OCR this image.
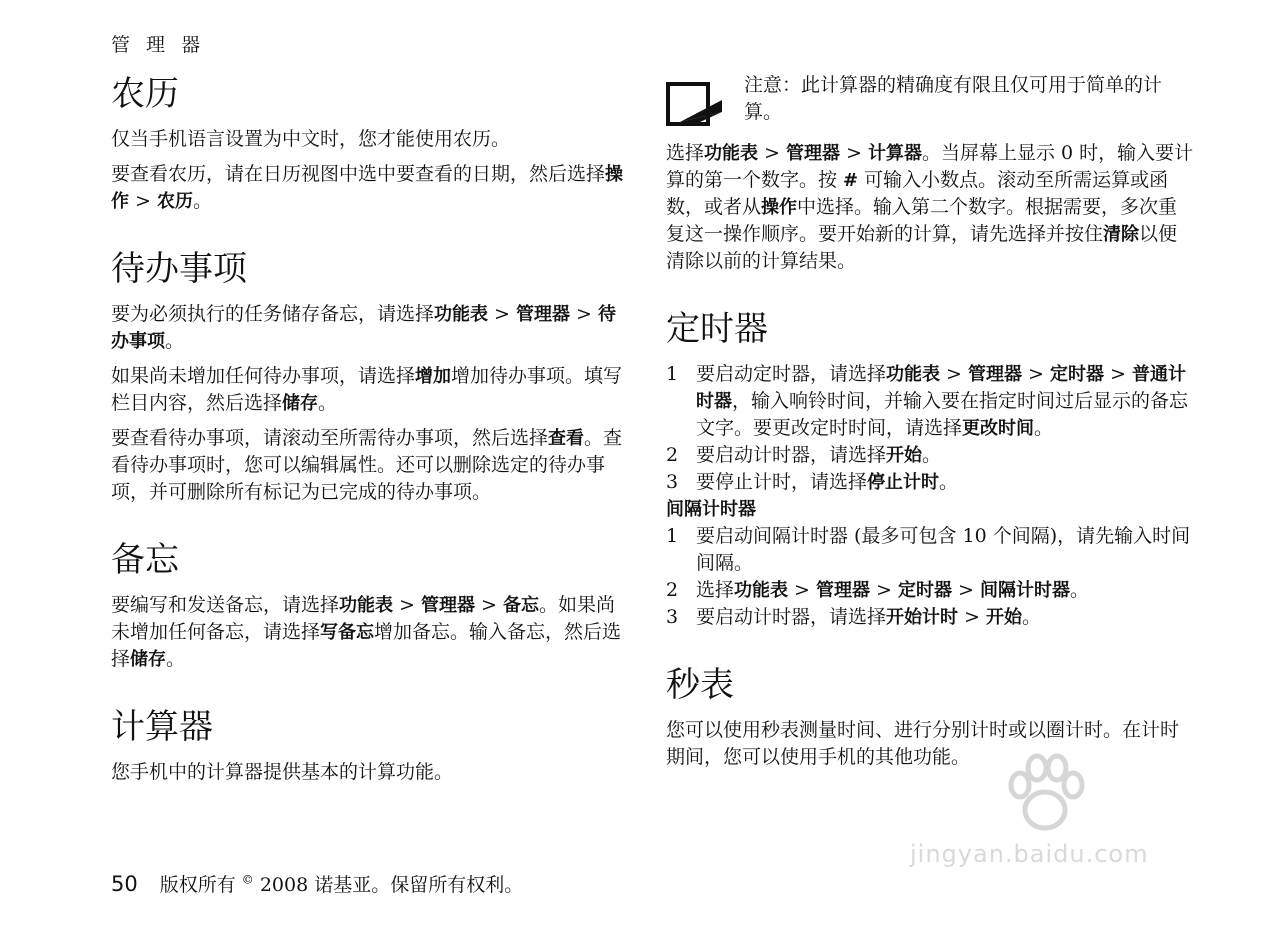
管 理 器
农历

仅当手机语言设置为中文时，您才能使用农历。

要查看农历，请在日历视图中选中要查看的日期，然后选择操作 > 农历。

待办事项

要为必须执行的任务储存备忘，请选择功能表 > 管理器 > 待办事项。

如果尚未增加任何待办事项，请选择增加增加待办事项。填写栏目内容，然后选择储存。

要查看待办事项，请滚动至所需待办事项，然后选择查看。查看待办事项时，您可以编辑属性。还可以删除选定的待办事项，并可删除所有标记为已完成的待办事项。

备忘

要编写和发送备忘，请选择功能表 > 管理器 > 备忘。如果尚未增加任何备忘，请选择写备忘增加备忘。输入备忘，然后选择储存。

计算器

您手机中的计算器提供基本的计算功能。

注意：此计算器的精确度有限且仅可用于简单的计算。

选择功能表 > 管理器 > 计算器。当屏幕上显示 0 时，输入要计算的第一个数字。按 # 可输入小数点。滚动至所需运算或函数，或者从操作中选择。输入第二个数字。根据需要，多次重复这一操作顺序。要开始新的计算，请先选择并按住清除以便清除以前的计算结果。

定时器
1 要启动定时器，请选择功能表 > 管理器 > 定时器 > 普通计时器，输入响铃时间，并输入要在指定时间过后显示的备忘文字。要更改定时时间，请选择更改时间。
2 要启动计时器，请选择开始。
3 要停止计时，请选择停止计时。
间隔计时器
1 要启动间隔计时器 (最多可包含 10 个间隔)，请先输入时间间隔。
2 选择功能表 > 管理器 > 定时器 > 间隔计时器。
3 要启动计时器，请选择开始计时 > 开始。
秒表

您可以使用秒表测量时间、进行分别计时或以圈计时。在计时期间，您可以使用手机的其他功能。

jingyan.baidu.com
50 版权所有 © 2008 诺基亚。保留所有权利。
